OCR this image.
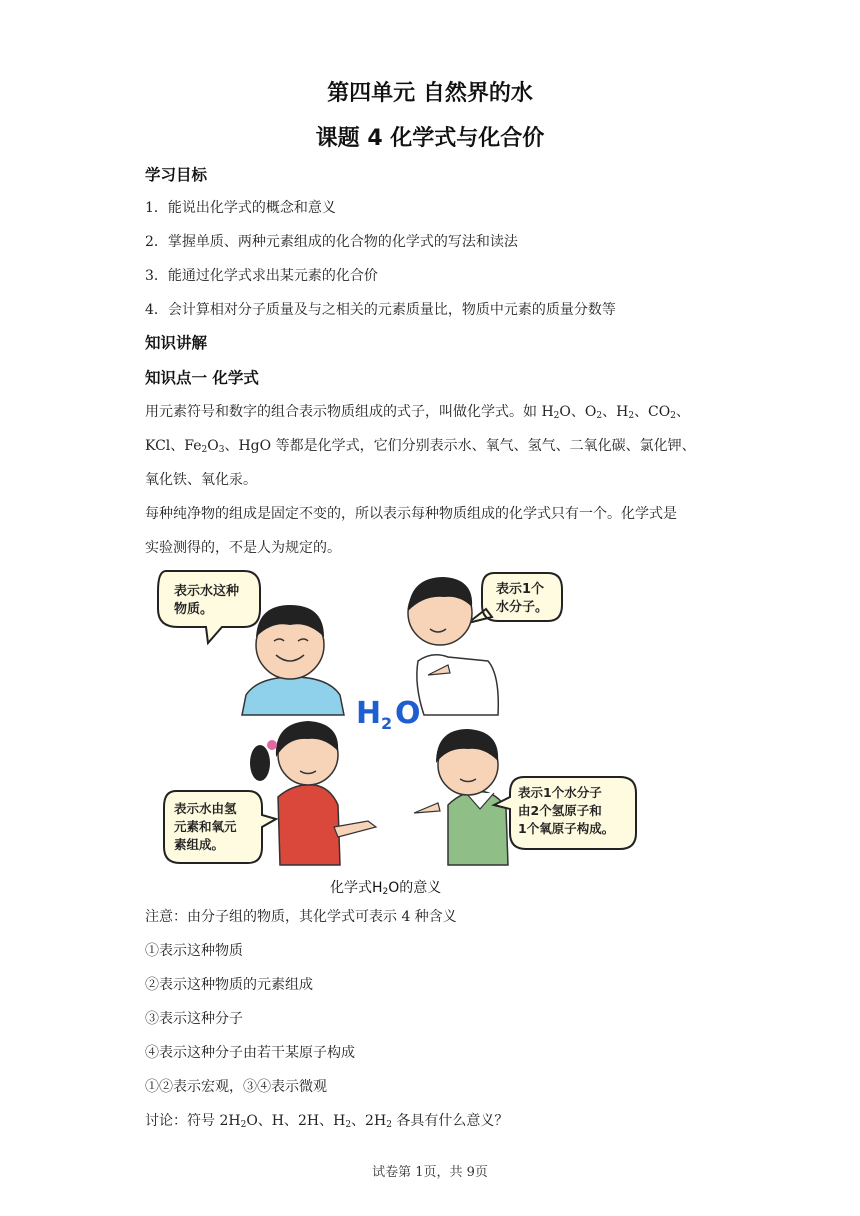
第四单元 自然界的水
课题 4 化学式与化合价
学习目标
1．能说出化学式的概念和意义
2．掌握单质、两种元素组成的化合物的化学式的写法和读法
3．能通过化学式求出某元素的化合价
4．会计算相对分子质量及与之相关的元素质量比，物质中元素的质量分数等
知识讲解
知识点一 化学式
用元素符号和数字的组合表示物质组成的式子，叫做化学式。如 $H_2O$、$O_2$、$H_2$、$CO_2$、
KCl、$Fe_2O_3$、HgO 等都是化学式，它们分别表示水、氧气、氢气、二氧化碳、氯化钾、
氧化铁、氧化汞。
每种纯净物的组成是固定不变的，所以表示每种物质组成的化学式只有一个。化学式是
实验测得的，不是人为规定的。
表示水这种
物质。
表示1个
水分子。
H 2 O
表示水由氢
元素和氧元
素组成。
表示1个水分子
由2个氢原子和
1个氧原子构成。
化学式$H_2O$的意义
注意：由分子组的物质，其化学式可表示 4 种含义
①表示这种物质
②表示这种物质的元素组成
③表示这种分子
④表示这种分子由若干某原子构成
①②表示宏观，③④表示微观
讨论：符号 $2H_2O$、H、2H、$H_2$、$2H_2$ 各具有什么意义？
试卷第 1页，共 9页
